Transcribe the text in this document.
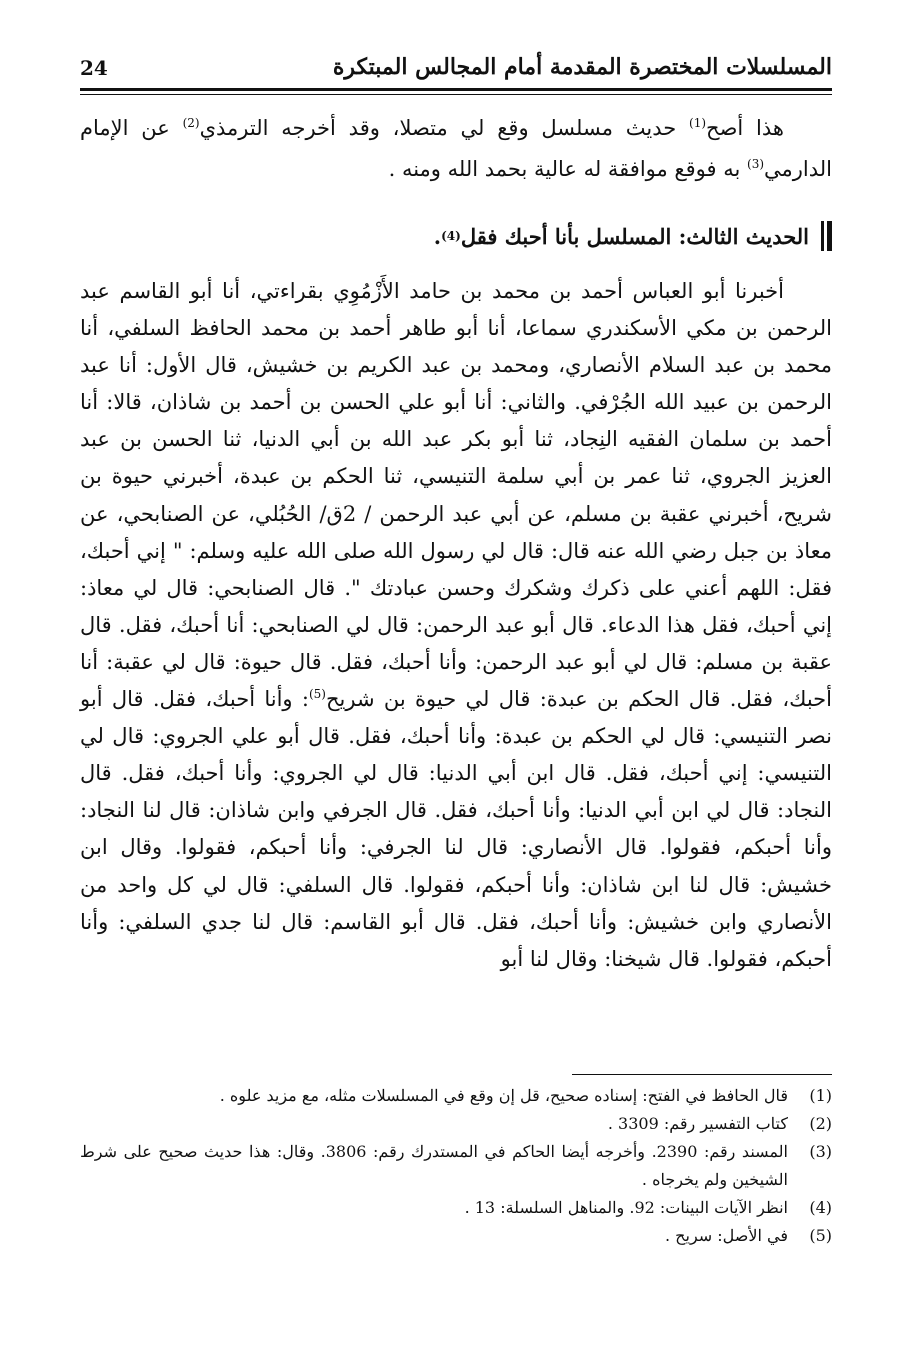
24	المسلسلات المختصرة المقدمة أمام المجالس المبتكرة

هذا أصح$^{(1)}$ حديث مسلسل وقع لي متصلا، وقد أخرجه الترمذي$^{(2)}$ عن الإمام الدارمي$^{(3)}$ به فوقع موافقة له عالية بحمد الله ومنه .

الحديث الثالث: المسلسل بأنا أحبك فقل
(4)
.

أخبرنا أبو العباس أحمد بن محمد بن حامد الأَزْمُوِي بقراءتي، أنا أبو القاسم عبد الرحمن بن مكي الأسكندري سماعا، أنا أبو طاهر أحمد بن محمد الحافظ السلفي، أنا محمد بن عبد السلام الأنصاري، ومحمد بن عبد الكريم بن خشيش، قال الأول: أنا عبد الرحمن بن عبيد الله الجُرْفي. والثاني: أنا أبو علي الحسن بن أحمد بن شاذان، قالا: أنا أحمد بن سلمان الفقيه النِجاد، ثنا أبو بكر عبد الله بن أبي الدنيا، ثنا الحسن بن عبد العزيز الجروي، ثنا عمر بن أبي سلمة التنيسي، ثنا الحكم بن عبدة، أخبرني حيوة بن شريح، أخبرني عقبة بن مسلم، عن أبي عبد الرحمن / 2ق/ الحُبُلي، عن الصنابحي، عن معاذ بن جبل رضي الله عنه قال: قال لي رسول الله صلى الله عليه وسلم: " إني أحبك، فقل: اللهم أعني على ذكرك وشكرك وحسن عبادتك ". قال الصنابحي: قال لي معاذ: إني أحبك، فقل هذا الدعاء. قال أبو عبد الرحمن: قال لي الصنابحي: أنا أحبك، فقل. قال عقبة بن مسلم: قال لي أبو عبد الرحمن: وأنا أحبك، فقل. قال حيوة: قال لي عقبة: أنا أحبك، فقل. قال الحكم بن عبدة: قال لي حيوة بن شريح$^{(5)}$: وأنا أحبك، فقل. قال أبو نصر التنيسي: قال لي الحكم بن عبدة: وأنا أحبك، فقل. قال أبو علي الجروي: قال لي التنيسي: إني أحبك، فقل. قال ابن أبي الدنيا: قال لي الجروي: وأنا أحبك، فقل. قال النجاد: قال لي ابن أبي الدنيا: وأنا أحبك، فقل. قال الجرفي وابن شاذان: قال لنا النجاد: وأنا أحبكم، فقولوا. قال الأنصاري: قال لنا الجرفي: وأنا أحبكم، فقولوا. وقال ابن خشيش: قال لنا ابن شاذان: وأنا أحبكم، فقولوا. قال السلفي: قال لي كل واحد من الأنصاري وابن خشيش: وأنا أحبك، فقل. قال أبو القاسم: قال لنا جدي السلفي: وأنا أحبكم، فقولوا. قال شيخنا: وقال لنا أبو

(1)
قال الحافظ في الفتح: إسناده صحيح، قل إن وقع في المسلسلات مثله، مع مزيد علوه .
(2)
كتاب التفسير رقم: 3309 .
(3)
المسند رقم: 2390. وأخرجه أيضا الحاكم في المستدرك رقم: 3806. وقال: هذا حديث صحيح على شرط الشيخين ولم يخرجاه .
(4)
انظر الآيات البينات: 92. والمناهل السلسلة: 13 .
(5)
في الأصل: سريح .
